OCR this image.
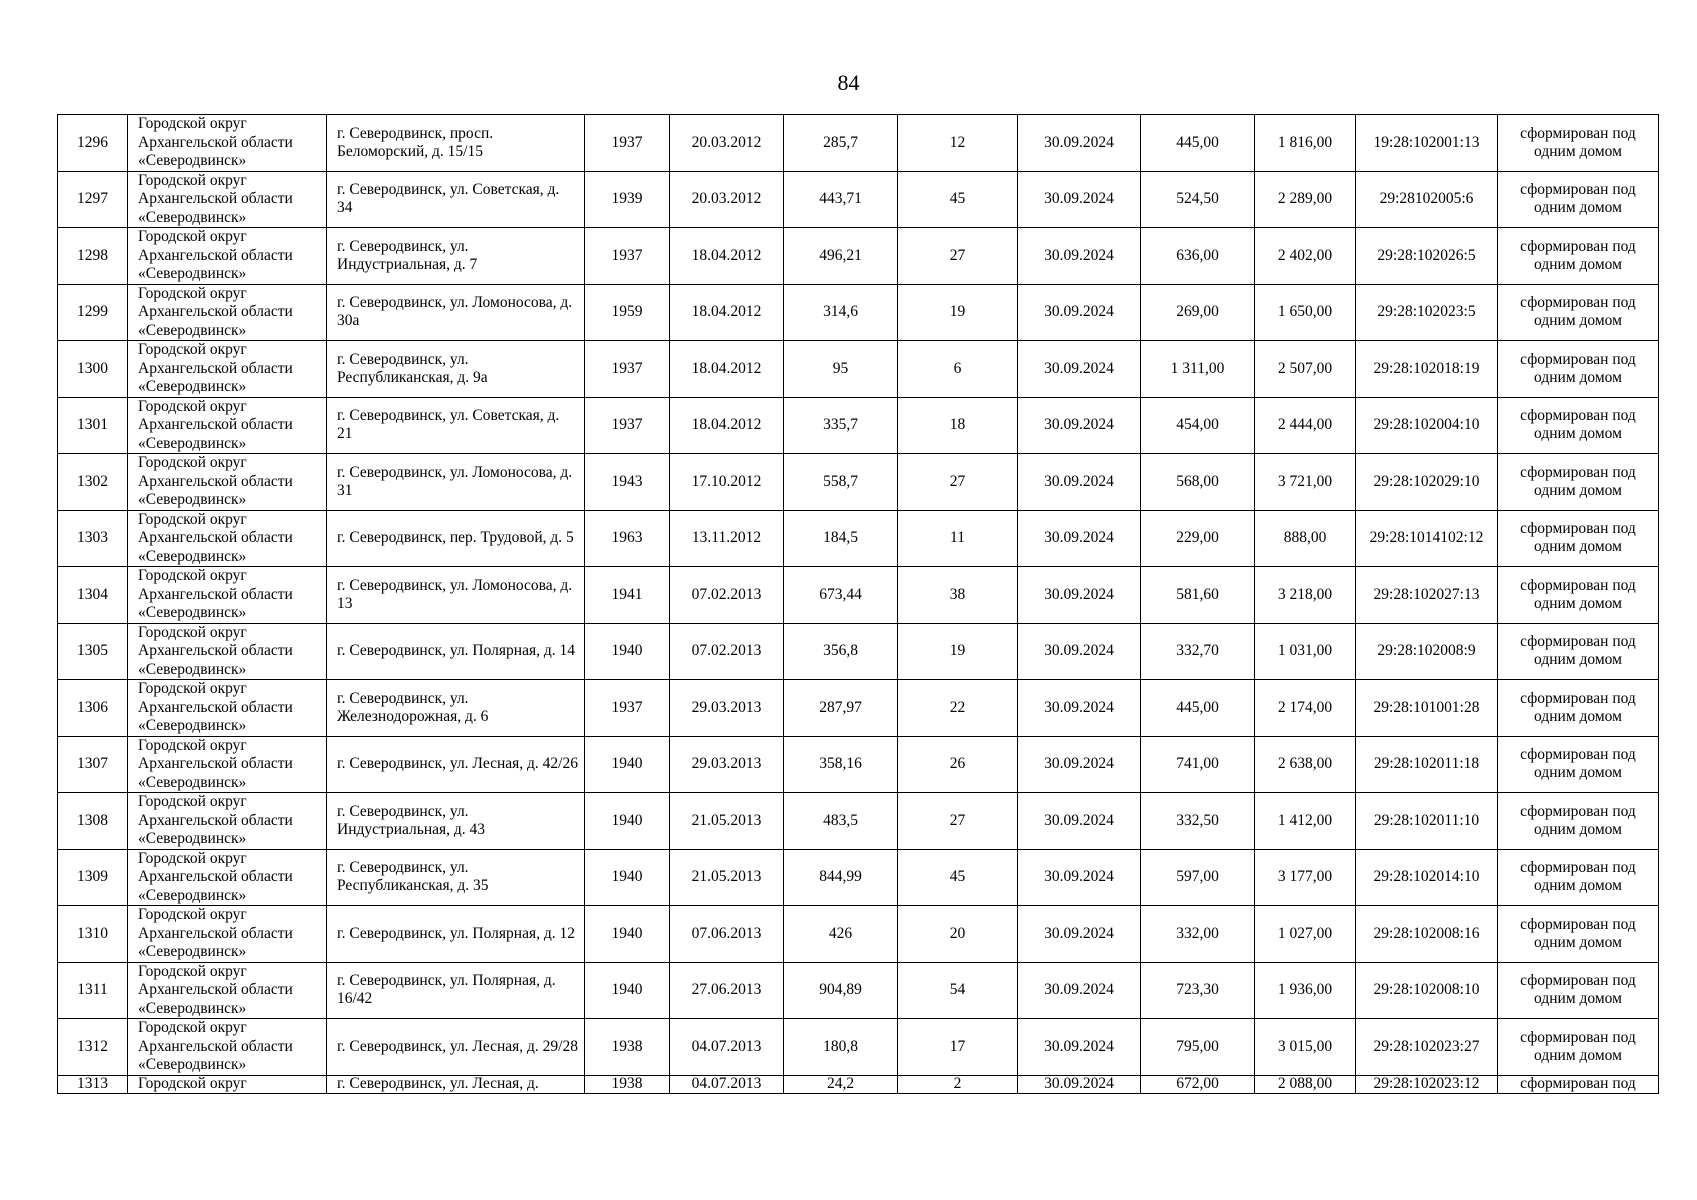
84
1296	Городской округ
Архангельской области
«Северодвинск»	г. Северодвинск, просп. Беломорский, д. 15/15	1937	20.03.2012	285,7	12	30.09.2024	445,00	1 816,00	19:28:102001:13	сформирован под одним домом
1297	Городской округ
Архангельской области
«Северодвинск»	г. Северодвинск, ул. Советская, д. 34	1939	20.03.2012	443,71	45	30.09.2024	524,50	2 289,00	29:28102005:6	сформирован под одним домом
1298	Городской округ
Архангельской области
«Северодвинск»	г. Северодвинск, ул. Индустриальная, д. 7	1937	18.04.2012	496,21	27	30.09.2024	636,00	2 402,00	29:28:102026:5	сформирован под одним домом
1299	Городской округ
Архангельской области
«Северодвинск»	г. Северодвинск, ул. Ломоносова, д. 30а	1959	18.04.2012	314,6	19	30.09.2024	269,00	1 650,00	29:28:102023:5	сформирован под одним домом
1300	Городской округ
Архангельской области
«Северодвинск»	г. Северодвинск, ул. Республиканская, д. 9а	1937	18.04.2012	95	6	30.09.2024	1 311,00	2 507,00	29:28:102018:19	сформирован под одним домом
1301	Городской округ
Архангельской области
«Северодвинск»	г. Северодвинск, ул. Советская, д. 21	1937	18.04.2012	335,7	18	30.09.2024	454,00	2 444,00	29:28:102004:10	сформирован под одним домом
1302	Городской округ
Архангельской области
«Северодвинск»	г. Северодвинск, ул. Ломоносова, д. 31	1943	17.10.2012	558,7	27	30.09.2024	568,00	3 721,00	29:28:102029:10	сформирован под одним домом
1303	Городской округ
Архангельской области
«Северодвинск»	г. Северодвинск, пер. Трудовой, д. 5	1963	13.11.2012	184,5	11	30.09.2024	229,00	888,00	29:28:1014102:12	сформирован под одним домом
1304	Городской округ
Архангельской области
«Северодвинск»	г. Северодвинск, ул. Ломоносова, д. 13	1941	07.02.2013	673,44	38	30.09.2024	581,60	3 218,00	29:28:102027:13	сформирован под одним домом
1305	Городской округ
Архангельской области
«Северодвинск»	г. Северодвинск, ул. Полярная, д. 14	1940	07.02.2013	356,8	19	30.09.2024	332,70	1 031,00	29:28:102008:9	сформирован под одним домом
1306	Городской округ
Архангельской области
«Северодвинск»	г. Северодвинск, ул. Железнодорожная, д. 6	1937	29.03.2013	287,97	22	30.09.2024	445,00	2 174,00	29:28:101001:28	сформирован под одним домом
1307	Городской округ
Архангельской области
«Северодвинск»	г. Северодвинск, ул. Лесная, д. 42/26	1940	29.03.2013	358,16	26	30.09.2024	741,00	2 638,00	29:28:102011:18	сформирован под одним домом
1308	Городской округ
Архангельской области
«Северодвинск»	г. Северодвинск, ул. Индустриальная, д. 43	1940	21.05.2013	483,5	27	30.09.2024	332,50	1 412,00	29:28:102011:10	сформирован под одним домом
1309	Городской округ
Архангельской области
«Северодвинск»	г. Северодвинск, ул. Республиканская, д. 35	1940	21.05.2013	844,99	45	30.09.2024	597,00	3 177,00	29:28:102014:10	сформирован под одним домом
1310	Городской округ
Архангельской области
«Северодвинск»	г. Северодвинск, ул. Полярная, д. 12	1940	07.06.2013	426	20	30.09.2024	332,00	1 027,00	29:28:102008:16	сформирован под одним домом
1311	Городской округ
Архангельской области
«Северодвинск»	г. Северодвинск, ул. Полярная, д. 16/42	1940	27.06.2013	904,89	54	30.09.2024	723,30	1 936,00	29:28:102008:10	сформирован под одним домом
1312	Городской округ
Архангельской области
«Северодвинск»	г. Северодвинск, ул. Лесная, д. 29/28	1938	04.07.2013	180,8	17	30.09.2024	795,00	3 015,00	29:28:102023:27	сформирован под одним домом
1313	Городской округ	г. Северодвинск, ул. Лесная, д.	1938	04.07.2013	24,2	2	30.09.2024	672,00	2 088,00	29:28:102023:12	сформирован под
